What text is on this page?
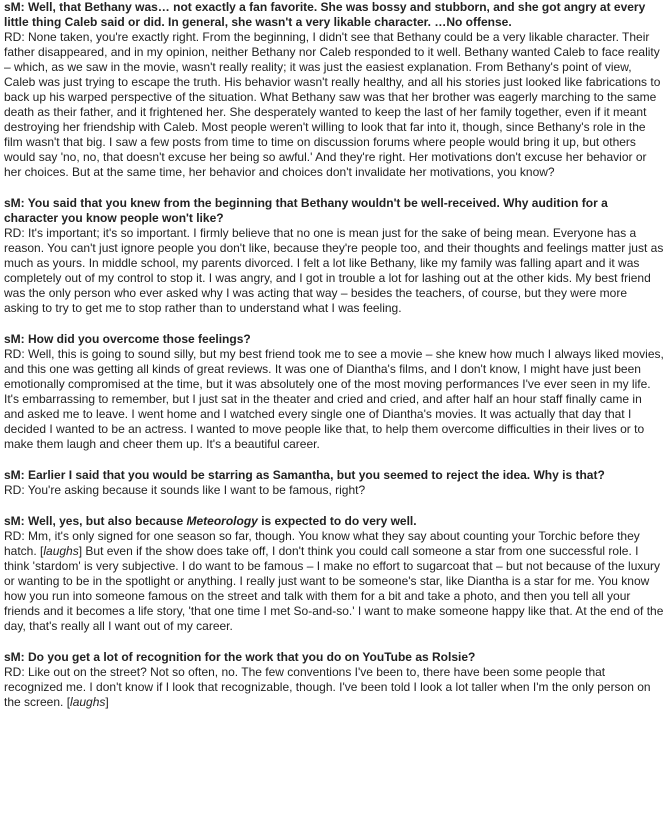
sM: Well, that Bethany was… not exactly a fan favorite. She was bossy and stubborn, and she got angry at every little thing Caleb said or did. In general, she wasn't a very likable character. …No offense.
RD: None taken, you're exactly right. From the beginning, I didn't see that Bethany could be a very likable character. Their father disappeared, and in my opinion, neither Bethany nor Caleb responded to it well. Bethany wanted Caleb to face reality – which, as we saw in the movie, wasn't really reality; it was just the easiest explanation. From Bethany's point of view, Caleb was just trying to escape the truth. His behavior wasn't really healthy, and all his stories just looked like fabrications to back up his warped perspective of the situation. What Bethany saw was that her brother was eagerly marching to the same death as their father, and it frightened her. She desperately wanted to keep the last of her family together, even if it meant destroying her friendship with Caleb. Most people weren't willing to look that far into it, though, since Bethany's role in the film wasn't that big. I saw a few posts from time to time on discussion forums where people would bring it up, but others would say 'no, no, that doesn't excuse her being so awful.' And they're right. Her motivations don't excuse her behavior or her choices. But at the same time, her behavior and choices don't invalidate her motivations, you know?
sM: You said that you knew from the beginning that Bethany wouldn't be well-received. Why audition for a character you know people won't like?
RD: It's important; it's so important. I firmly believe that no one is mean just for the sake of being mean. Everyone has a reason. You can't just ignore people you don't like, because they're people too, and their thoughts and feelings matter just as much as yours. In middle school, my parents divorced. I felt a lot like Bethany, like my family was falling apart and it was completely out of my control to stop it. I was angry, and I got in trouble a lot for lashing out at the other kids. My best friend was the only person who ever asked why I was acting that way – besides the teachers, of course, but they were more asking to try to get me to stop rather than to understand what I was feeling.
sM: How did you overcome those feelings?
RD: Well, this is going to sound silly, but my best friend took me to see a movie – she knew how much I always liked movies, and this one was getting all kinds of great reviews. It was one of Diantha's films, and I don't know, I might have just been emotionally compromised at the time, but it was absolutely one of the most moving performances I've ever seen in my life. It's embarrassing to remember, but I just sat in the theater and cried and cried, and after half an hour staff finally came in and asked me to leave. I went home and I watched every single one of Diantha's movies. It was actually that day that I decided I wanted to be an actress. I wanted to move people like that, to help them overcome difficulties in their lives or to make them laugh and cheer them up. It's a beautiful career.
sM: Earlier I said that you would be starring as Samantha, but you seemed to reject the idea. Why is that?
RD: You're asking because it sounds like I want to be famous, right?
sM: Well, yes, but also because Meteorology is expected to do very well.
RD: Mm, it's only signed for one season so far, though. You know what they say about counting your Torchic before they hatch. [laughs] But even if the show does take off, I don't think you could call someone a star from one successful role. I think 'stardom' is very subjective. I do want to be famous – I make no effort to sugarcoat that – but not because of the luxury or wanting to be in the spotlight or anything. I really just want to be someone's star, like Diantha is a star for me. You know how you run into someone famous on the street and talk with them for a bit and take a photo, and then you tell all your friends and it becomes a life story, 'that one time I met So-and-so.' I want to make someone happy like that. At the end of the day, that's really all I want out of my career.
sM: Do you get a lot of recognition for the work that you do on YouTube as Rolsie?
RD: Like out on the street? Not so often, no. The few conventions I've been to, there have been some people that recognized me. I don't know if I look that recognizable, though. I've been told I look a lot taller when I'm the only person on the screen. [laughs]
